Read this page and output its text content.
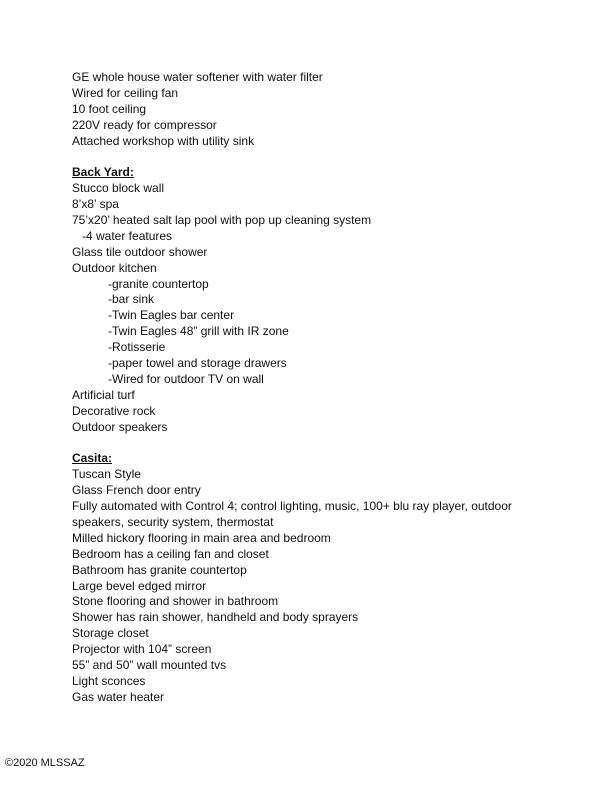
GE whole house water softener with water filter
Wired for ceiling fan
10 foot ceiling
220V ready for compressor
Attached workshop with utility sink
Back Yard:
Stucco block wall
8’x8’ spa
75’x20’ heated salt lap pool with pop up cleaning system
-4 water features
Glass tile outdoor shower
Outdoor kitchen
-granite countertop
-bar sink
-Twin Eagles bar center
-Twin Eagles 48” grill with IR zone
-Rotisserie
-paper towel and storage drawers
-Wired for outdoor TV on wall
Artificial turf
Decorative rock
Outdoor speakers
Casita:
Tuscan Style
Glass French door entry
Fully automated with Control 4; control lighting, music, 100+ blu ray player, outdoor speakers, security system, thermostat
Milled hickory flooring in main area and bedroom
Bedroom has a ceiling fan and closet
Bathroom has granite countertop
Large bevel edged mirror
Stone flooring and shower in bathroom
Shower has rain shower, handheld and body sprayers
Storage closet
Projector with 104” screen
55” and 50” wall mounted tvs
Light sconces
Gas water heater
©2020 MLSSAZ
